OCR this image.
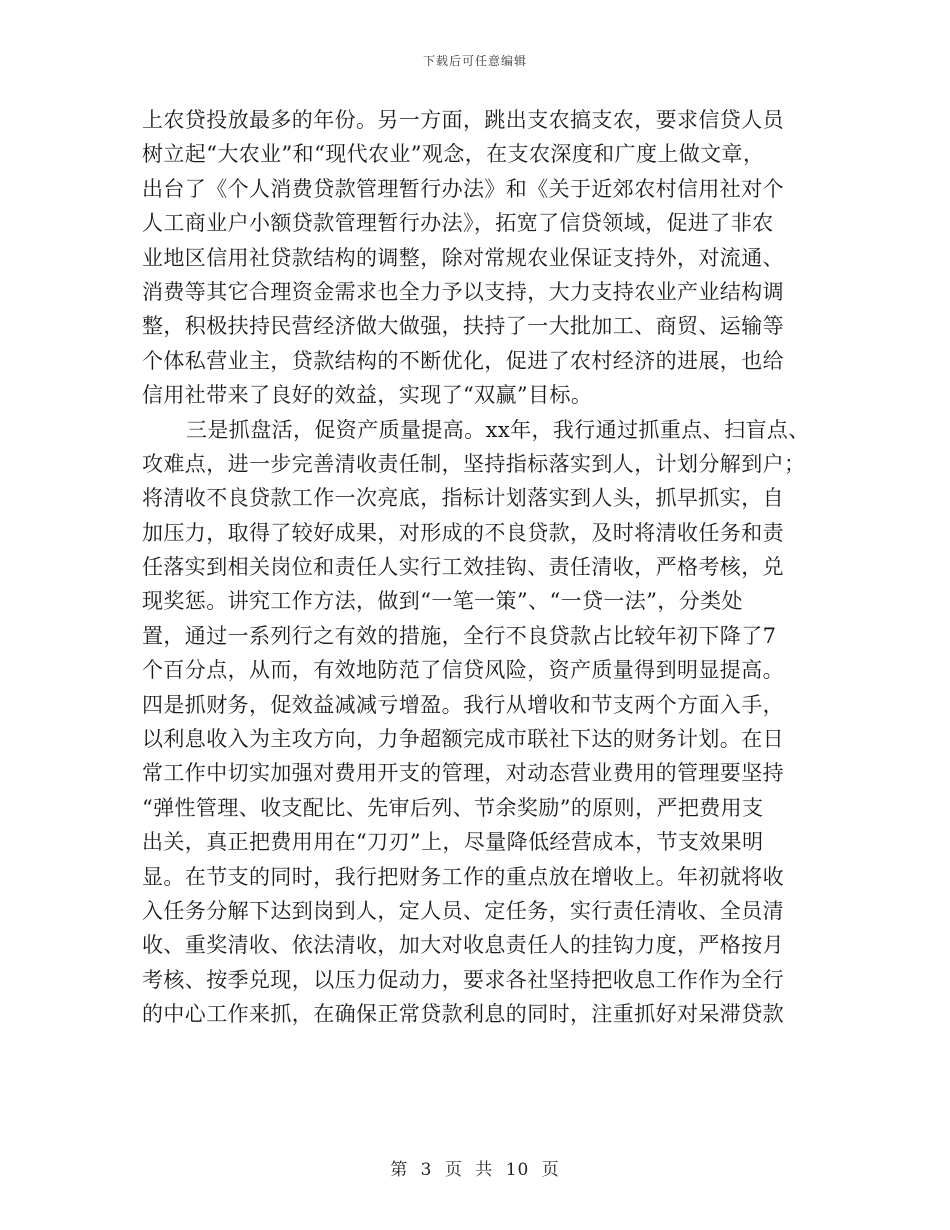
下载后可任意编辑
上农贷投放最多的年份。另一方面，跳出支农搞支农，要求信贷人员
树立起“大农业”和“现代农业”观念，在支农深度和广度上做文章，
出台了《个人消费贷款管理暂行办法》和《关于近郊农村信用社对个
人工商业户小额贷款管理暂行办法》，拓宽了信贷领域，促进了非农
业地区信用社贷款结构的调整，除对常规农业保证支持外，对流通、
消费等其它合理资金需求也全力予以支持，大力支持农业产业结构调
整，积极扶持民营经济做大做强，扶持了一大批加工、商贸、运输等
个体私营业主，贷款结构的不断优化，促进了农村经济的进展，也给
信用社带来了良好的效益，实现了“双赢”目标。
三是抓盘活，促资产质量提高。xx年，我行通过抓重点、扫盲点、
攻难点，进一步完善清收责任制，坚持指标落实到人，计划分解到户；
将清收不良贷款工作一次亮底，指标计划落实到人头，抓早抓实，自
加压力，取得了较好成果，对形成的不良贷款，及时将清收任务和责
任落实到相关岗位和责任人实行工效挂钩、责任清收，严格考核，兑
现奖惩。讲究工作方法，做到“一笔一策”、“一贷一法”，分类处
置，通过一系列行之有效的措施，全行不良贷款占比较年初下降了7
个百分点，从而，有效地防范了信贷风险，资产质量得到明显提高。
四是抓财务，促效益减减亏增盈。我行从增收和节支两个方面入手，
以利息收入为主攻方向，力争超额完成市联社下达的财务计划。在日
常工作中切实加强对费用开支的管理，对动态营业费用的管理要坚持
“弹性管理、收支配比、先审后列、节余奖励”的原则，严把费用支
出关，真正把费用用在“刀刃”上，尽量降低经营成本，节支效果明
显。在节支的同时，我行把财务工作的重点放在增收上。年初就将收
入任务分解下达到岗到人，定人员、定任务，实行责任清收、全员清
收、重奖清收、依法清收，加大对收息责任人的挂钩力度，严格按月
考核、按季兑现，以压力促动力，要求各社坚持把收息工作作为全行
的中心工作来抓，在确保正常贷款利息的同时，注重抓好对呆滞贷款
第 3 页 共 10 页
